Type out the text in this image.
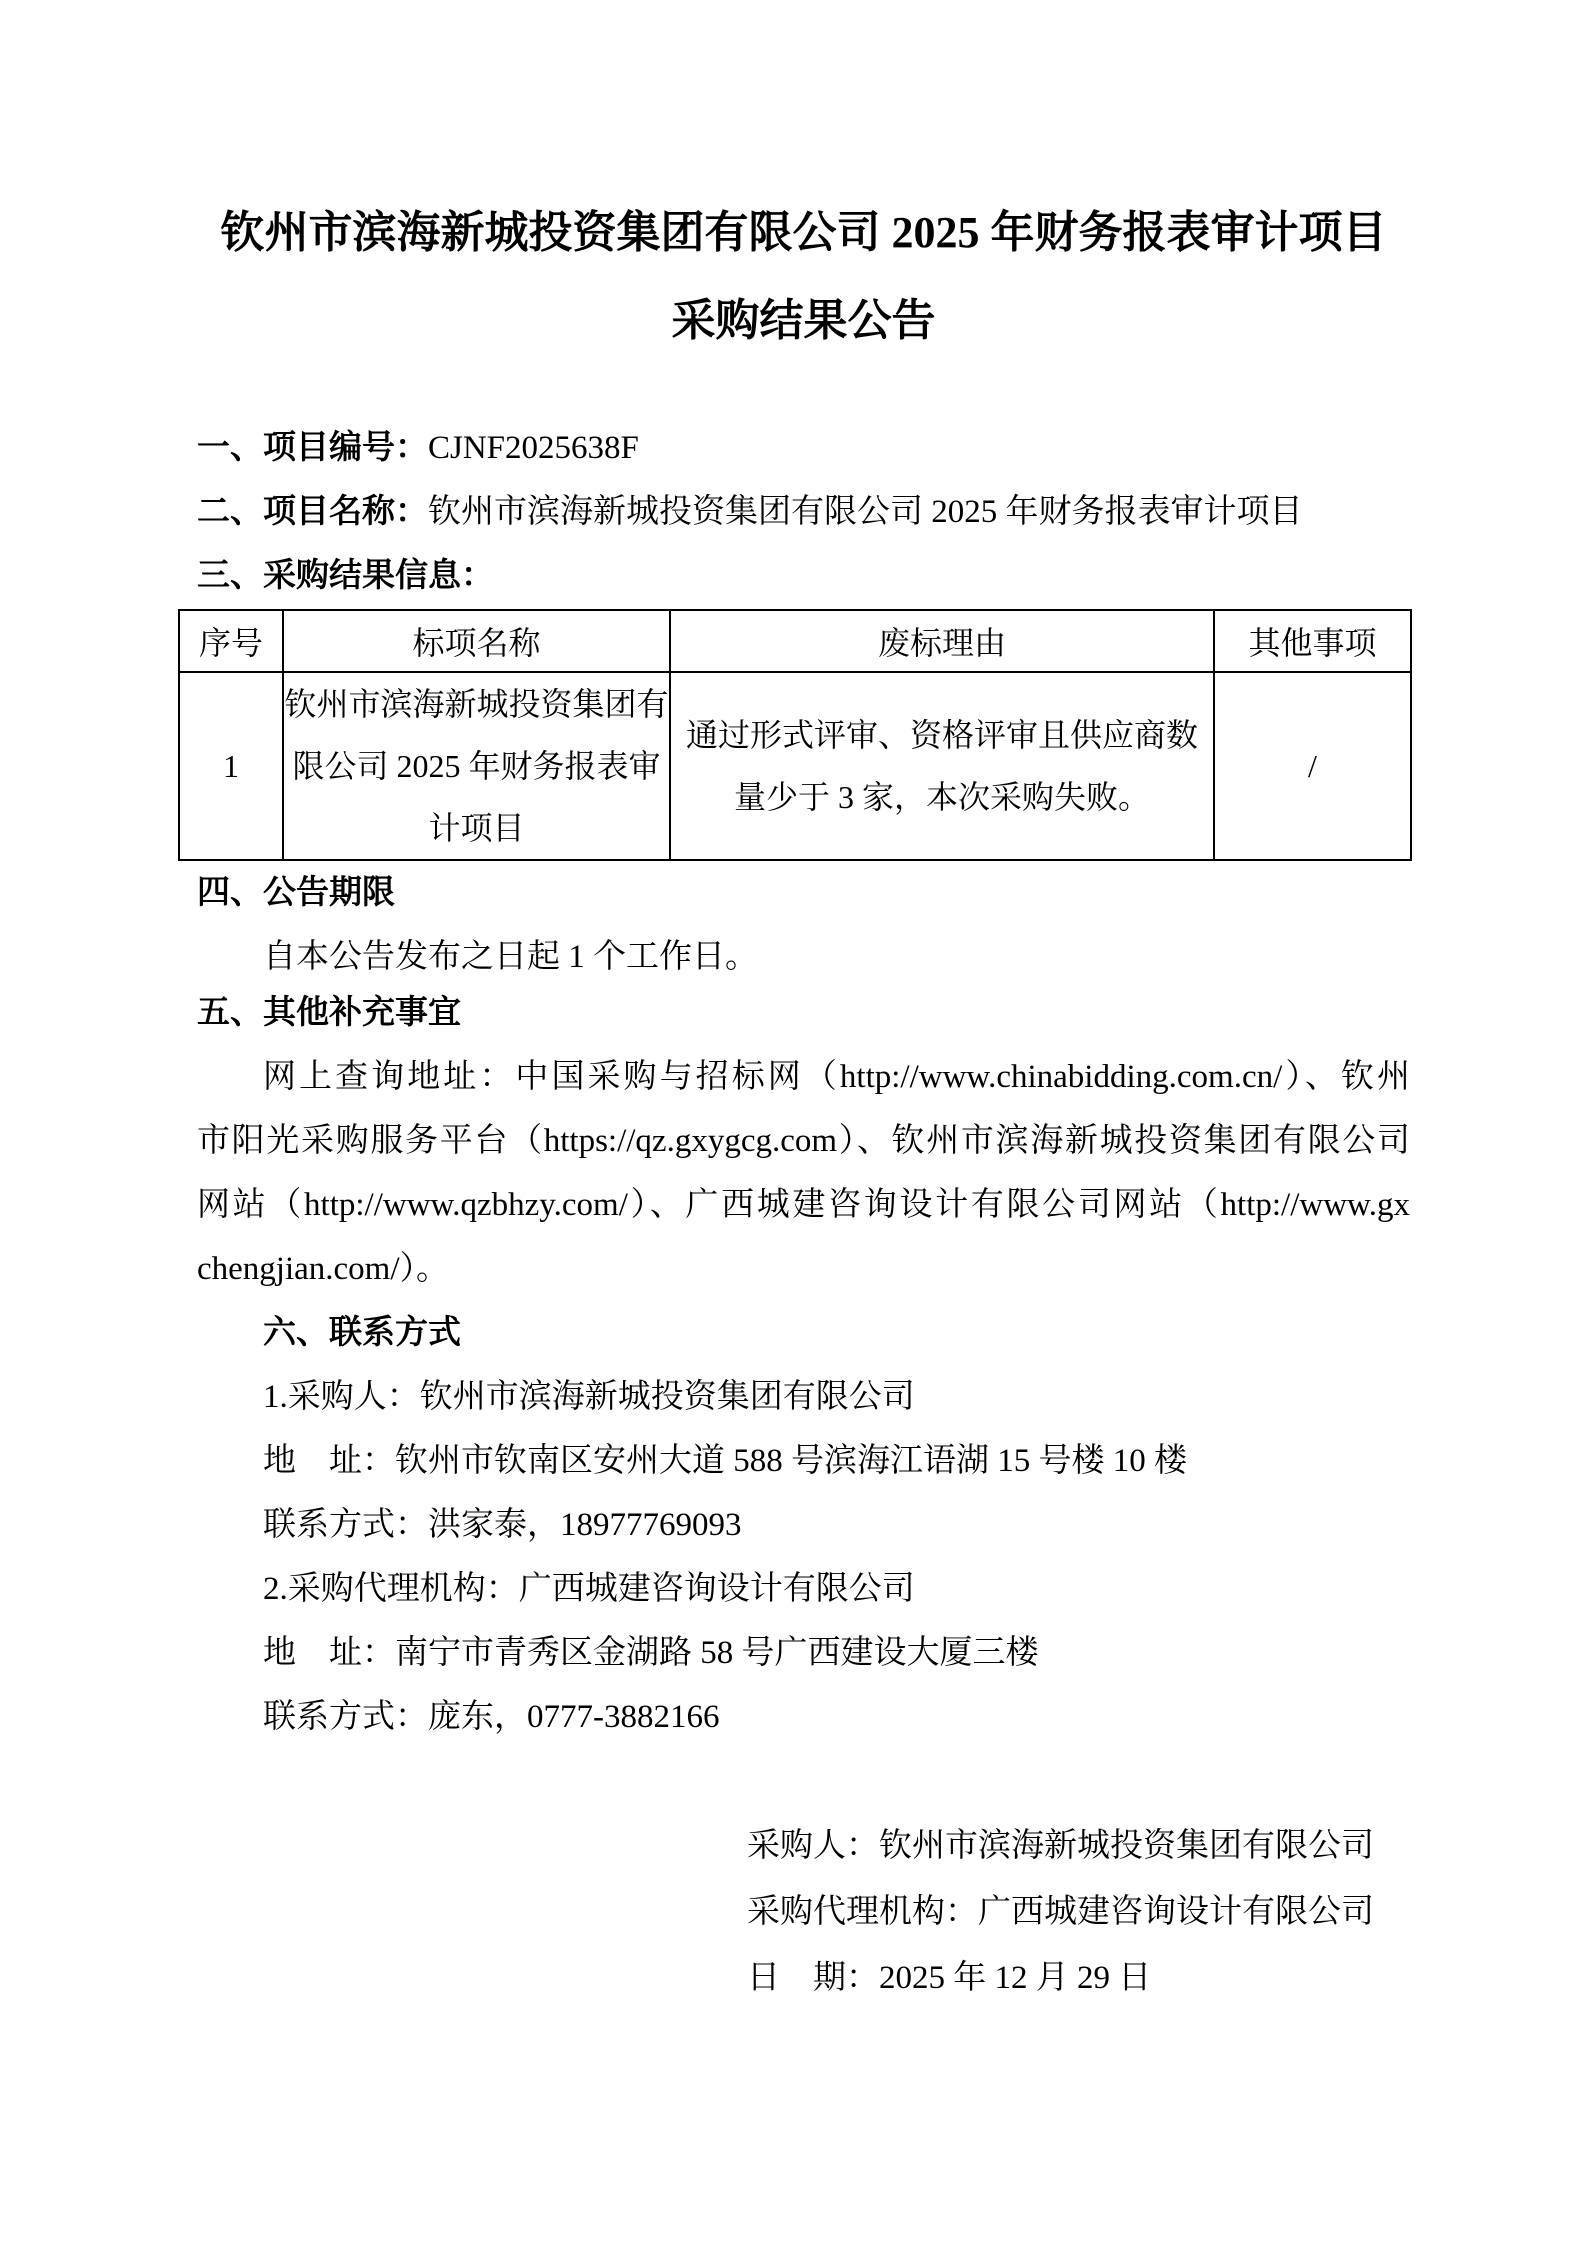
钦州市滨海新城投资集团有限公司 2025 年财务报表审计项目
采购结果公告
一、项目编号：CJNF2025638F
二、项目名称：钦州市滨海新城投资集团有限公司 2025 年财务报表审计项目
三、采购结果信息：
序号	标项名称	废标理由	其他事项
1	钦州市滨海新城投资集团有限公司 2025 年财务报表审计项目	通过形式评审、资格评审且供应商数量少于 3 家，本次采购失败。	/
四、公告期限
自本公告发布之日起 1 个工作日。
五、其他补充事宜
网上查询地址：中国采购与招标网（http://www.chinabidding.com.cn/）、钦州
市阳光采购服务平台（https://qz.gxygcg.com）、钦州市滨海新城投资集团有限公司
网站（http://www.qzbhzy.com/）、广西城建咨询设计有限公司网站（http://www.gx
chengjian.com/）。
六、联系方式
1.采购人：钦州市滨海新城投资集团有限公司
地　址：钦州市钦南区安州大道 588 号滨海江语湖 15 号楼 10 楼
联系方式：洪家泰，18977769093
2.采购代理机构：广西城建咨询设计有限公司
地　址：南宁市青秀区金湖路 58 号广西建设大厦三楼
联系方式：庞东，0777-3882166
采购人：钦州市滨海新城投资集团有限公司
采购代理机构：广西城建咨询设计有限公司
日　期：2025 年 12 月 29 日
